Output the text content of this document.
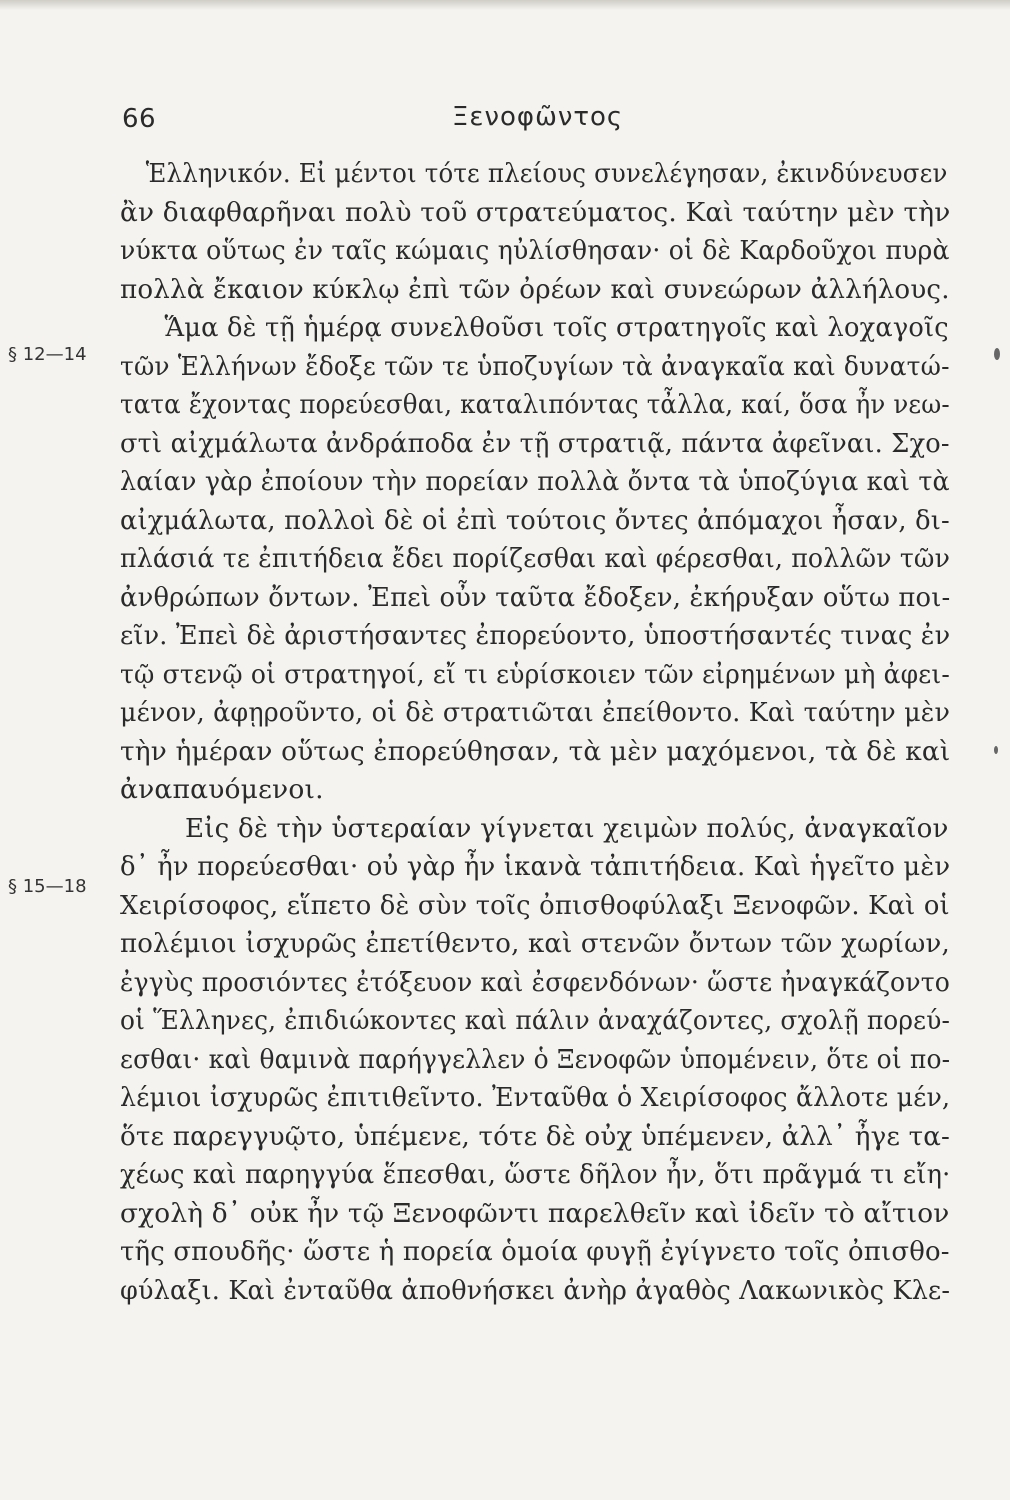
66	Ξενοφῶντος
§ 12—14
§ 15—18
Ἑλληνικόν. Εἰ μέντοι τότε πλείους συνελέγησαν, ἐκινδύνευσεν
ἂν διαφθαρῆναι πολὺ τοῦ στρατεύματος. Καὶ ταύτην μὲν τὴν
νύκτα οὕτως ἐν ταῖς κώμαις ηὐλίσθησαν· οἱ δὲ Καρδοῦχοι πυρὰ
πολλὰ ἔκαιον κύκλῳ ἐπὶ τῶν ὀρέων καὶ συνεώρων ἀλλήλους.
Ἅμα δὲ τῇ ἡμέρᾳ συνελθοῦσι τοῖς στρατηγοῖς καὶ λοχαγοῖς
τῶν Ἑλλήνων ἔδοξε τῶν τε ὑποζυγίων τὰ ἀναγκαῖα καὶ δυνατώ-
τατα ἔχοντας πορεύεσθαι, καταλιπόντας τἆλλα, καί, ὅσα ἦν νεω-
στὶ αἰχμάλωτα ἀνδράποδα ἐν τῇ στρατιᾷ, πάντα ἀφεῖναι. Σχο-
λαίαν γὰρ ἐποίουν τὴν πορείαν πολλὰ ὄντα τὰ ὑποζύγια καὶ τὰ
αἰχμάλωτα, πολλοὶ δὲ οἱ ἐπὶ τούτοις ὄντες ἀπόμαχοι ἦσαν, δι-
πλάσιά τε ἐπιτήδεια ἔδει πορίζεσθαι καὶ φέρεσθαι, πολλῶν τῶν
ἀνθρώπων ὄντων. Ἐπεὶ οὖν ταῦτα ἔδοξεν, ἐκήρυξαν οὕτω ποι-
εῖν. Ἐπεὶ δὲ ἀριστήσαντες ἐπορεύοντο, ὑποστήσαντές τινας ἐν
τῷ στενῷ οἱ στρατηγοί, εἴ τι εὑρίσκοιεν τῶν εἰρημένων μὴ ἀφει-
μένον, ἀφῃροῦντο, οἱ δὲ στρατιῶται ἐπείθοντο. Καὶ ταύτην μὲν
τὴν ἡμέραν οὕτως ἐπορεύθησαν, τὰ μὲν μαχόμενοι, τὰ δὲ καὶ
ἀναπαυόμενοι.
Εἰς δὲ τὴν ὑστεραίαν γίγνεται χειμὼν πολύς, ἀναγκαῖον
δ᾽ ἦν πορεύεσθαι· οὐ γὰρ ἦν ἱκανὰ τἀπιτήδεια. Καὶ ἡγεῖτο μὲν
Χειρίσοφος, εἵπετο δὲ σὺν τοῖς ὀπισθοφύλαξι Ξενοφῶν. Καὶ οἱ
πολέμιοι ἰσχυρῶς ἐπετίθεντο, καὶ στενῶν ὄντων τῶν χωρίων,
ἐγγὺς προσιόντες ἐτόξευον καὶ ἐσφενδόνων· ὥστε ἠναγκάζοντο
οἱ Ἕλληνες, ἐπιδιώκοντες καὶ πάλιν ἀναχάζοντες, σχολῇ πορεύ-
εσθαι· καὶ θαμινὰ παρήγγελλεν ὁ Ξενοφῶν ὑπομένειν, ὅτε οἱ πο-
λέμιοι ἰσχυρῶς ἐπιτιθεῖντο. Ἐνταῦθα ὁ Χειρίσοφος ἄλλοτε μέν,
ὅτε παρεγγυῷτο, ὑπέμενε, τότε δὲ οὐχ ὑπέμενεν, ἀλλ᾽ ἦγε τα-
χέως καὶ παρηγγύα ἕπεσθαι, ὥστε δῆλον ἦν, ὅτι πρᾶγμά τι εἴη·
σχολὴ δ᾽ οὐκ ἦν τῷ Ξενοφῶντι παρελθεῖν καὶ ἰδεῖν τὸ αἴτιον
τῆς σπουδῆς· ὥστε ἡ πορεία ὁμοία φυγῇ ἐγίγνετο τοῖς ὀπισθο-
φύλαξι. Καὶ ἐνταῦθα ἀποθνήσκει ἀνὴρ ἀγαθὸς Λακωνικὸς Κλε-
